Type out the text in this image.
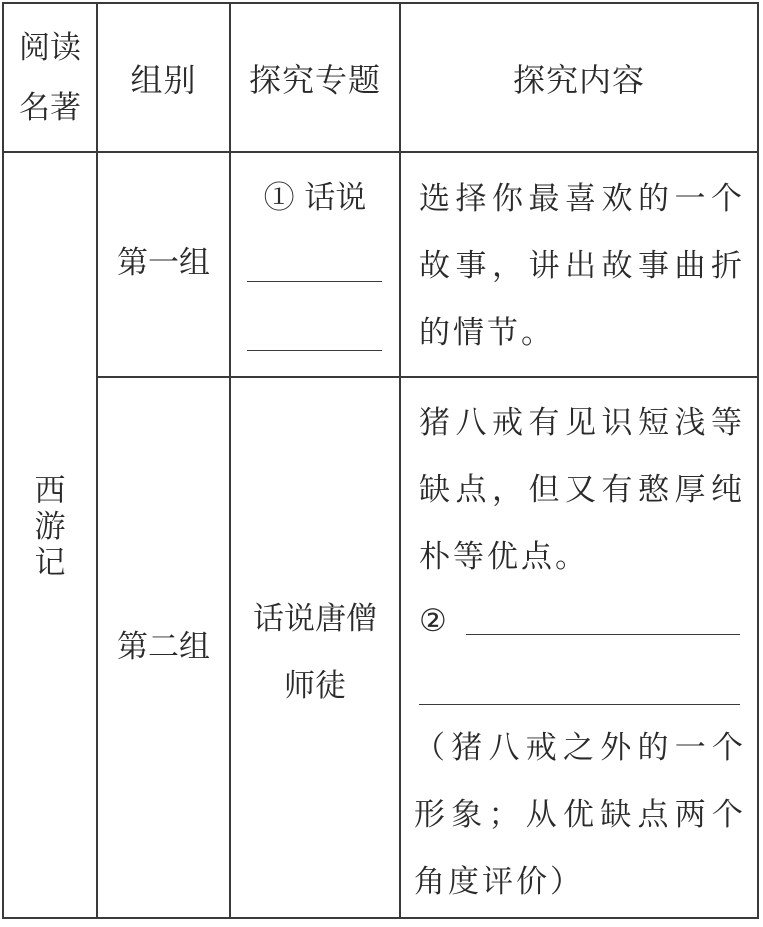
阅读名著
组别 探究专题	探究内容
西游记
第一组
① 话说 选择你最喜欢的一个故事，讲出故事曲折的情节。
第二组
话说唐僧师徒
猪八戒有见识短浅等缺点，但又有憨厚纯朴等优点。
②
（猪八戒之外的一个形象；从优缺点两个角度评价）
